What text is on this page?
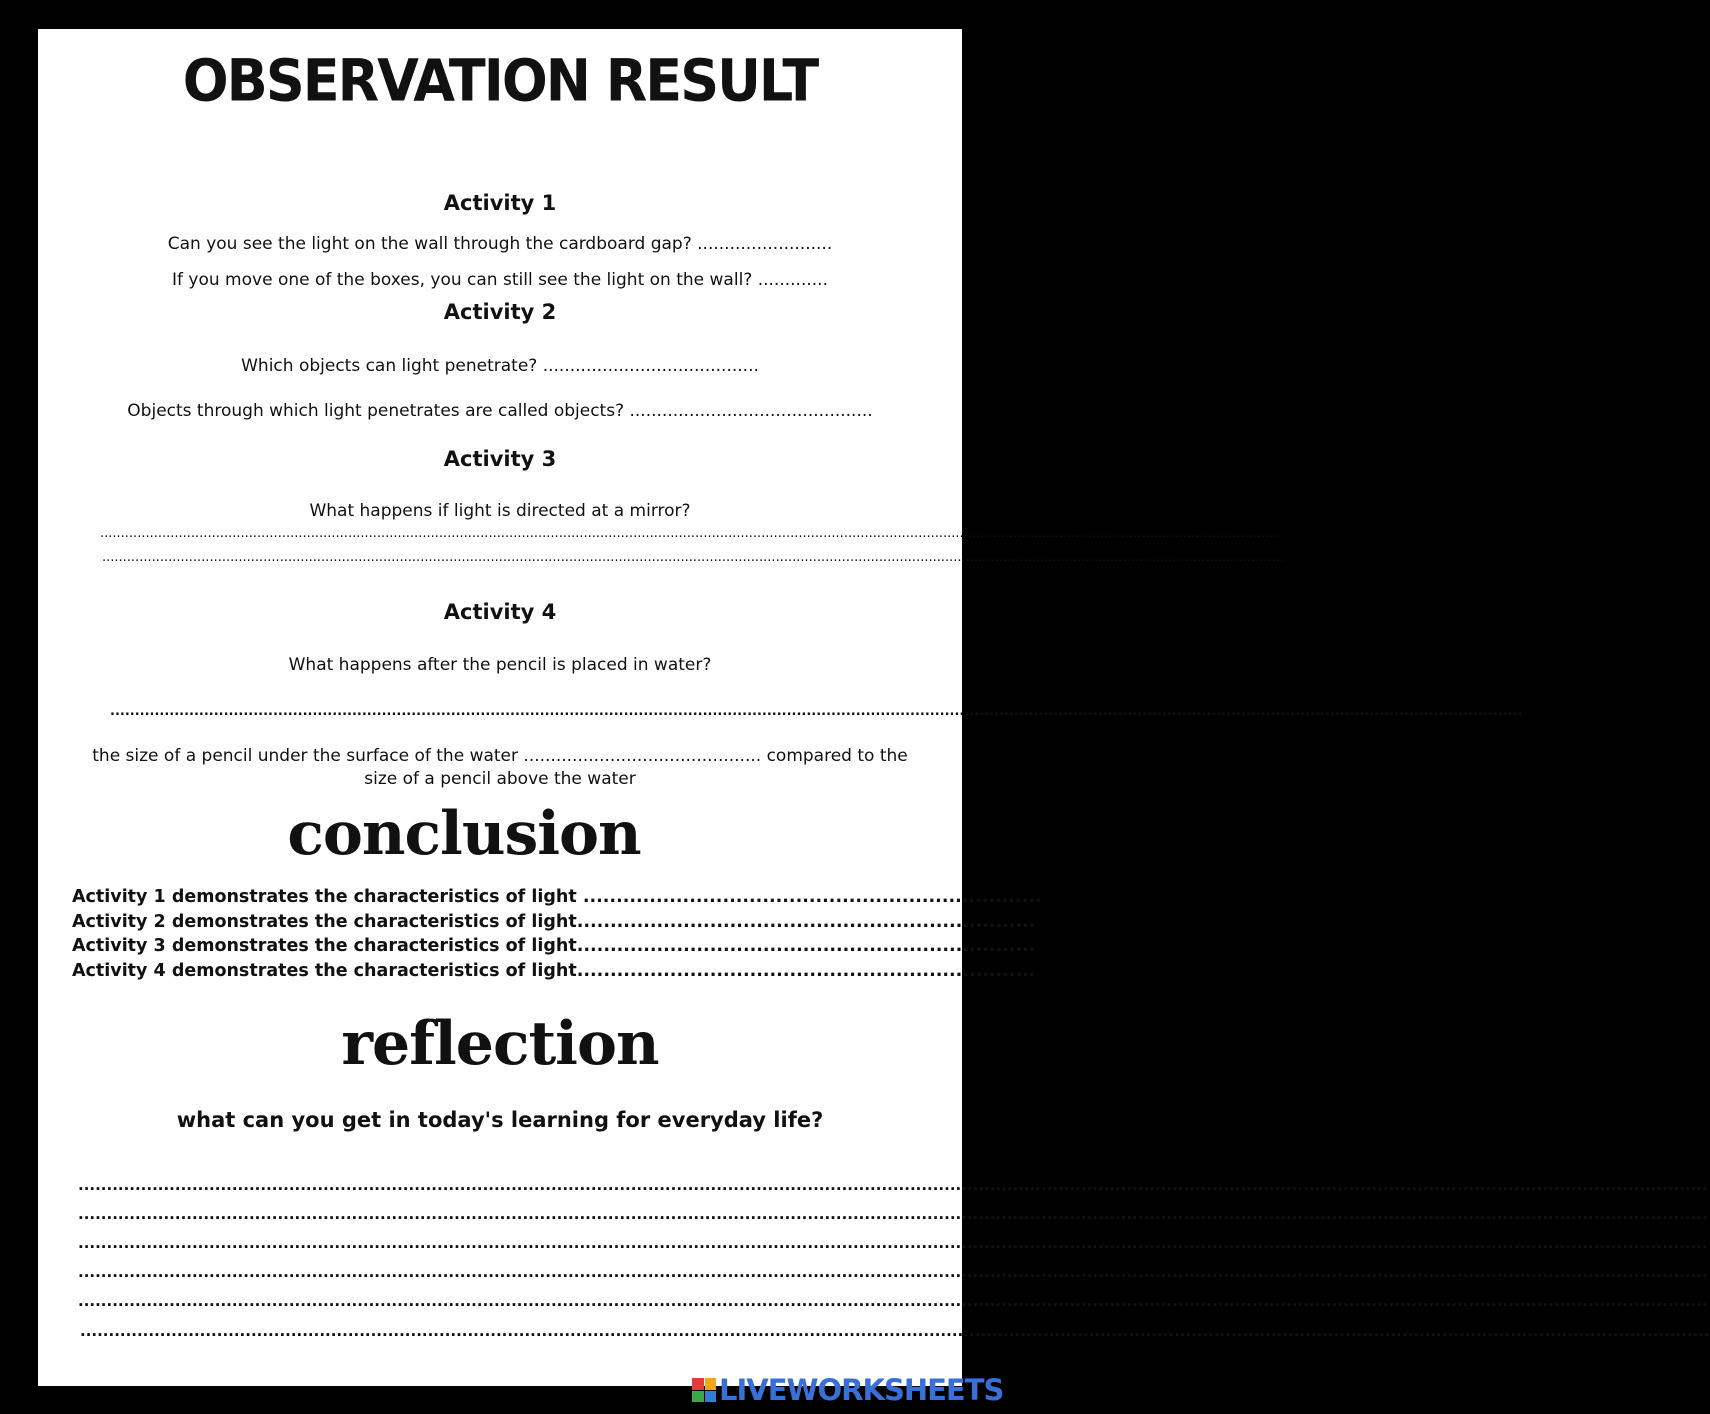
OBSERVATION RESULT
Activity 1
Can you see the light on the wall through the cardboard gap? .........................
If you move one of the boxes, you can still see the light on the wall? .............
Activity 2
Which objects can light penetrate? ........................................
Objects through which light penetrates are called objects? .............................................
Activity 3
What happens if light is directed at a mirror?
..............................................................................................................................................................................................................................................................................................
..............................................................................................................................................................................................................................................................................................
Activity 4
What happens after the pencil is placed in water?
..............................................................................................................................................................................................................................................................................................
the size of a pencil under the surface of the water ............................................ compared to the
size of a pencil above the water
conclusion
Activity 1 demonstrates the characteristics of light .....................................................................
Activity 2 demonstrates the characteristics of light.....................................................................
Activity 3 demonstrates the characteristics of light.....................................................................
Activity 4 demonstrates the characteristics of light.....................................................................
reflection
what can you get in today's learning for everyday life?
..............................................................................................................................................................................................................................................................................................
..............................................................................................................................................................................................................................................................................................
..............................................................................................................................................................................................................................................................................................
..............................................................................................................................................................................................................................................................................................
..............................................................................................................................................................................................................................................................................................
..............................................................................................................................................................................................................................................................................................
LIVEWORKSHEETS
